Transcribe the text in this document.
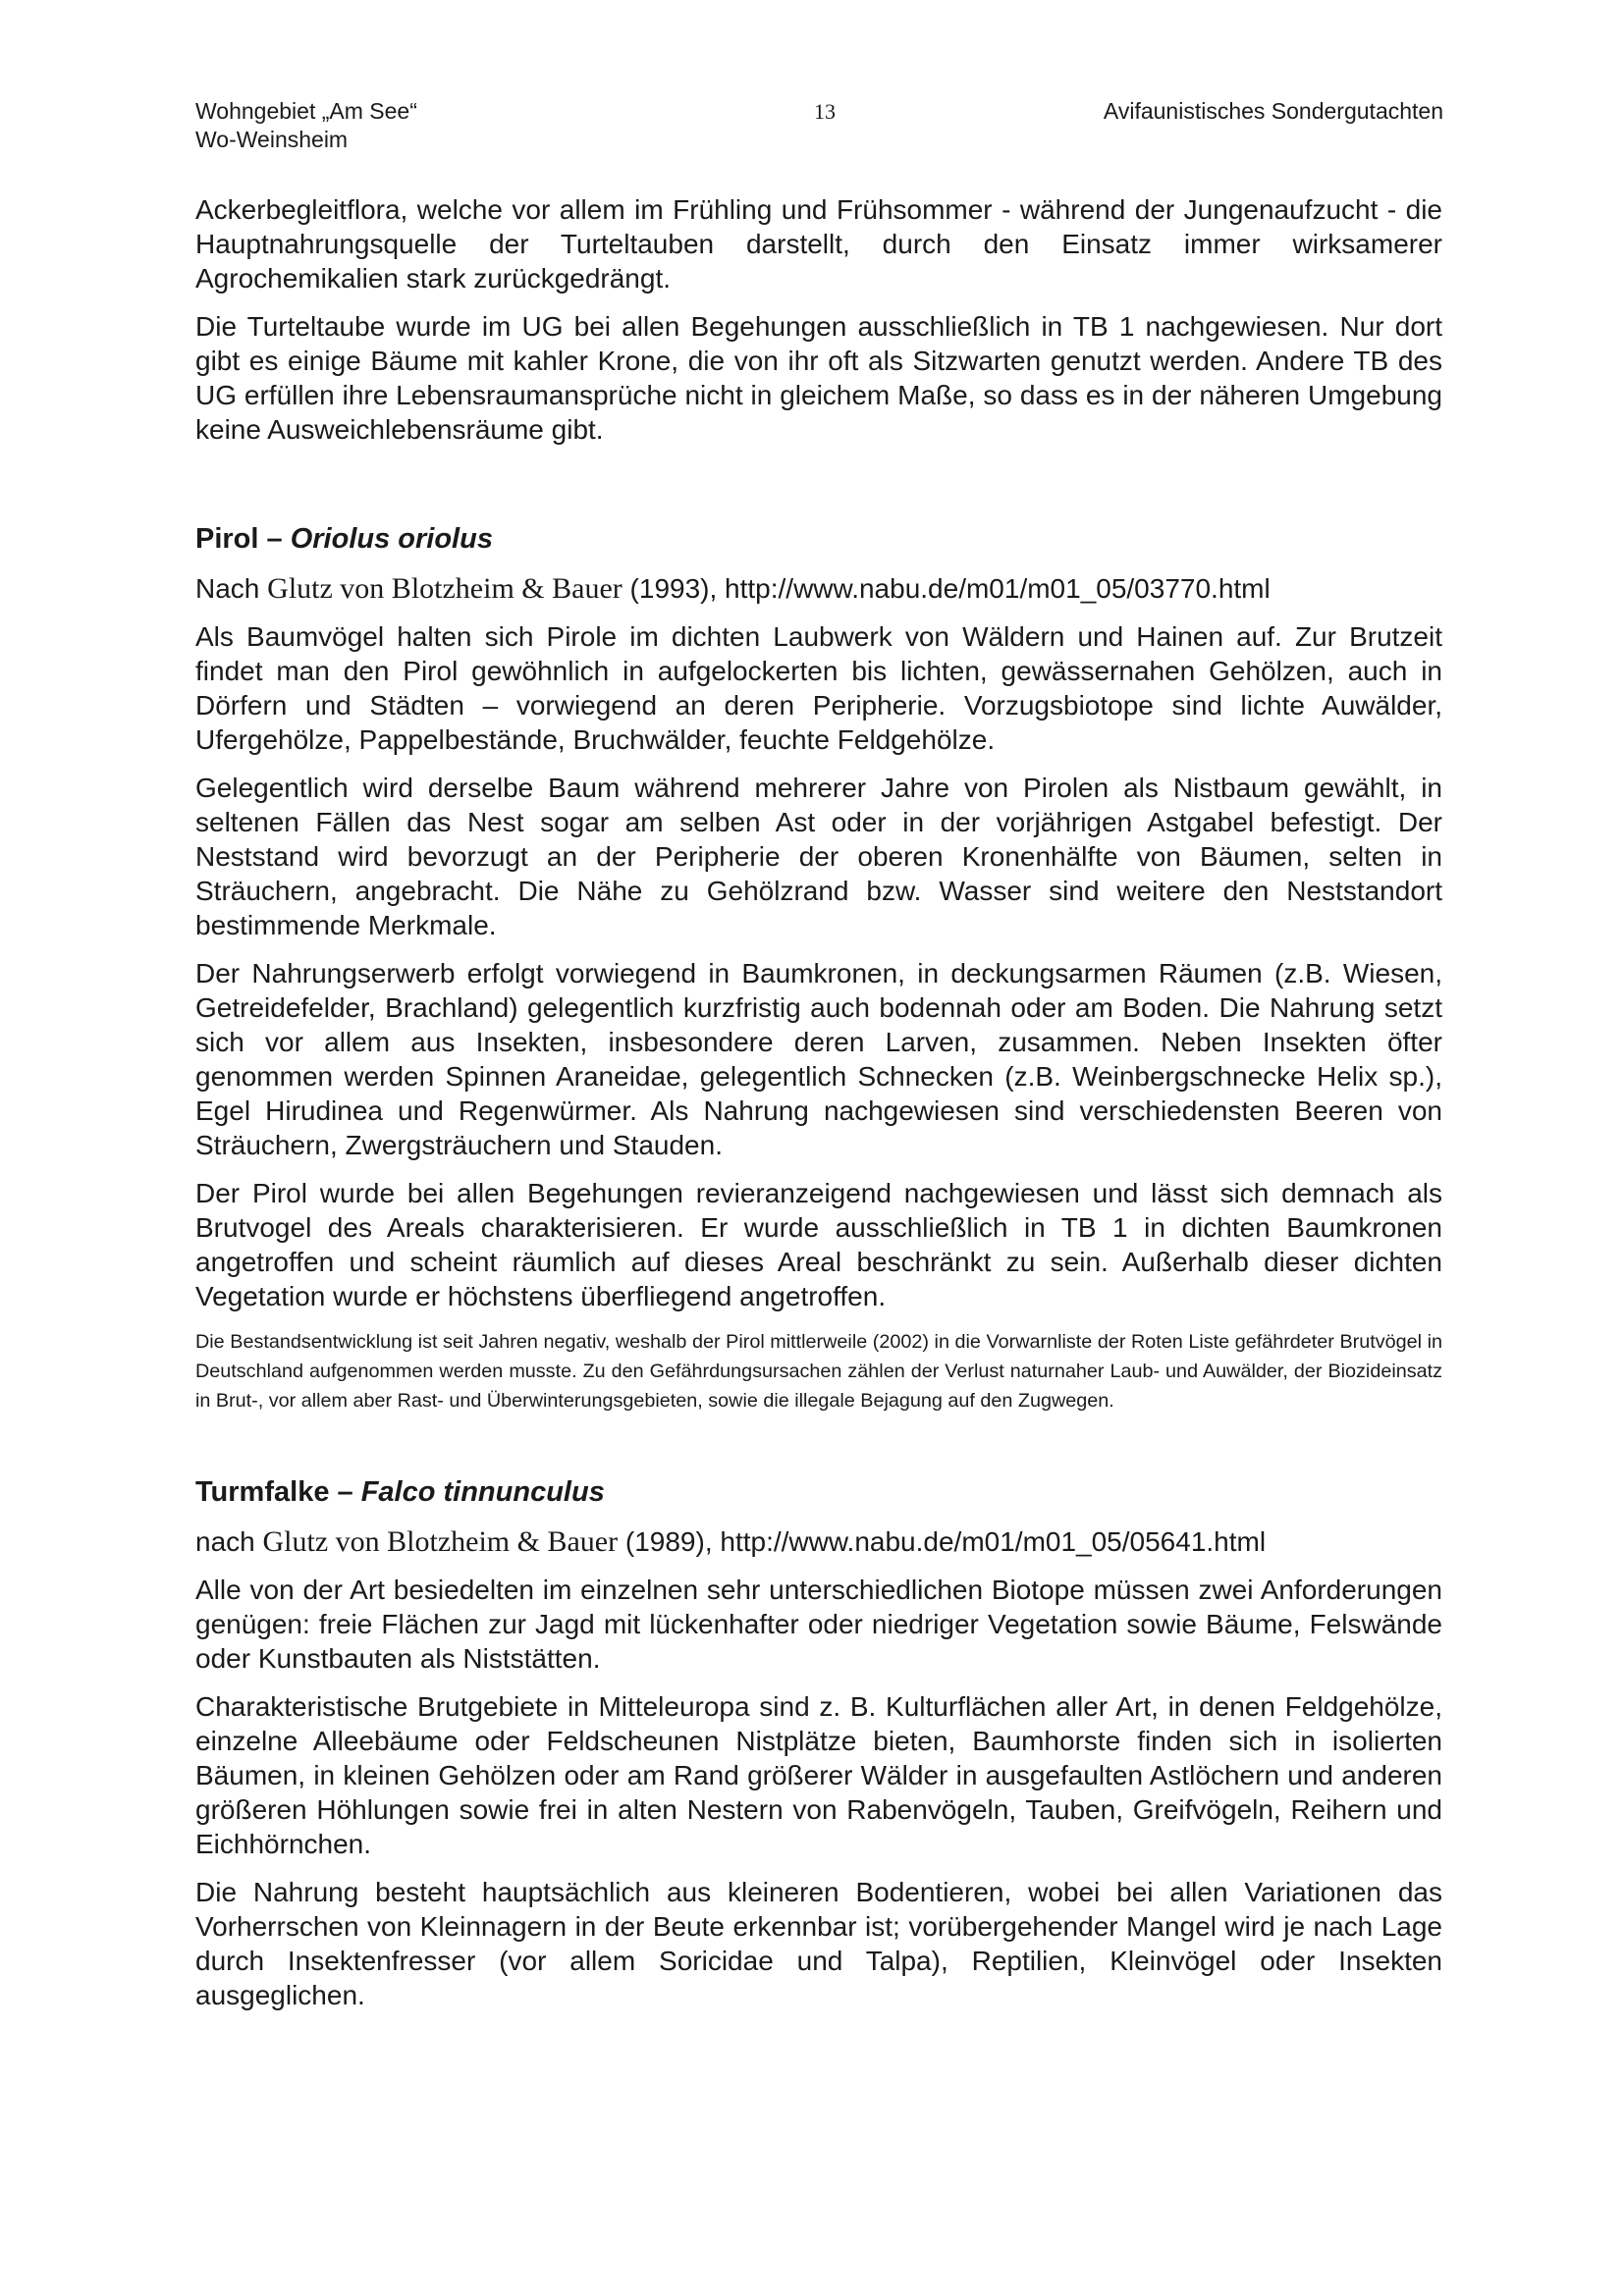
Wohngebiet „Am See“
Wo-Weinsheim
13	Avifaunistisches Sondergutachten

Ackerbegleitflora, welche vor allem im Frühling und Frühsommer - während der Jungenaufzucht - die Hauptnahrungsquelle der Turteltauben darstellt, durch den Einsatz immer wirksamerer Agrochemikalien stark zurückgedrängt.

Die Turteltaube wurde im UG bei allen Begehungen ausschließlich in TB 1 nachgewiesen. Nur dort gibt es einige Bäume mit kahler Krone, die von ihr oft als Sitzwarten genutzt werden. Andere TB des UG erfüllen ihre Lebensraumansprüche nicht in gleichem Maße, so dass es in der näheren Umgebung keine Ausweichlebensräume gibt.

Pirol – Oriolus oriolus

Nach Glutz von Blotzheim & Bauer (1993), http://www.nabu.de/m01/m01_05/03770.html

Als Baumvögel halten sich Pirole im dichten Laubwerk von Wäldern und Hainen auf. Zur Brutzeit findet man den Pirol gewöhnlich in aufgelockerten bis lichten, gewässernahen Gehölzen, auch in Dörfern und Städten – vorwiegend an deren Peripherie. Vorzugsbiotope sind lichte Auwälder, Ufergehölze, Pappelbestände, Bruchwälder, feuchte Feldgehölze.

Gelegentlich wird derselbe Baum während mehrerer Jahre von Pirolen als Nistbaum gewählt, in seltenen Fällen das Nest sogar am selben Ast oder in der vorjährigen Astgabel befestigt. Der Neststand wird bevorzugt an der Peripherie der oberen Kronenhälfte von Bäumen, selten in Sträuchern, angebracht. Die Nähe zu Gehölzrand bzw. Wasser sind weitere den Neststandort bestimmende Merkmale.

Der Nahrungserwerb erfolgt vorwiegend in Baumkronen, in deckungsarmen Räumen (z.B. Wiesen, Getreidefelder, Brachland) gelegentlich kurzfristig auch bodennah oder am Boden. Die Nahrung setzt sich vor allem aus Insekten, insbesondere deren Larven, zusammen. Neben Insekten öfter genommen werden Spinnen Araneidae, gelegentlich Schnecken (z.B. Weinbergschnecke Helix sp.), Egel Hirudinea und Regenwürmer. Als Nahrung nachgewiesen sind verschiedensten Beeren von Sträuchern, Zwergsträuchern und Stauden.

Der Pirol wurde bei allen Begehungen revieranzeigend nachgewiesen und lässt sich demnach als Brutvogel des Areals charakterisieren. Er wurde ausschließlich in TB 1 in dichten Baumkronen angetroffen und scheint räumlich auf dieses Areal beschränkt zu sein. Außerhalb dieser dichten Vegetation wurde er höchstens überfliegend angetroffen.

Die Bestandsentwicklung ist seit Jahren negativ, weshalb der Pirol mittlerweile (2002) in die Vorwarnliste der Roten Liste gefährdeter Brutvögel in Deutschland aufgenommen werden musste. Zu den Gefährdungsursachen zählen der Verlust naturnaher Laub- und Auwälder, der Biozideinsatz in Brut-, vor allem aber Rast- und Überwinterungsgebieten, sowie die illegale Bejagung auf den Zugwegen.

Turmfalke – Falco tinnunculus

nach Glutz von Blotzheim & Bauer (1989), http://www.nabu.de/m01/m01_05/05641.html

Alle von der Art besiedelten im einzelnen sehr unterschiedlichen Biotope müssen zwei Anforderungen genügen: freie Flächen zur Jagd mit lückenhafter oder niedriger Vegetation sowie Bäume, Felswände oder Kunstbauten als Niststätten.

Charakteristische Brutgebiete in Mitteleuropa sind z. B. Kulturflächen aller Art, in denen Feldgehölze, einzelne Alleebäume oder Feldscheunen Nistplätze bieten, Baumhorste finden sich in isolierten Bäumen, in kleinen Gehölzen oder am Rand größerer Wälder in ausgefaulten Astlöchern und anderen größeren Höhlungen sowie frei in alten Nestern von Rabenvögeln, Tauben, Greifvögeln, Reihern und Eichhörnchen.

Die Nahrung besteht hauptsächlich aus kleineren Bodentieren, wobei bei allen Variationen das Vorherrschen von Kleinnagern in der Beute erkennbar ist; vorübergehender Mangel wird je nach Lage durch Insektenfresser (vor allem Soricidae und Talpa), Reptilien, Kleinvögel oder Insekten ausgeglichen.
